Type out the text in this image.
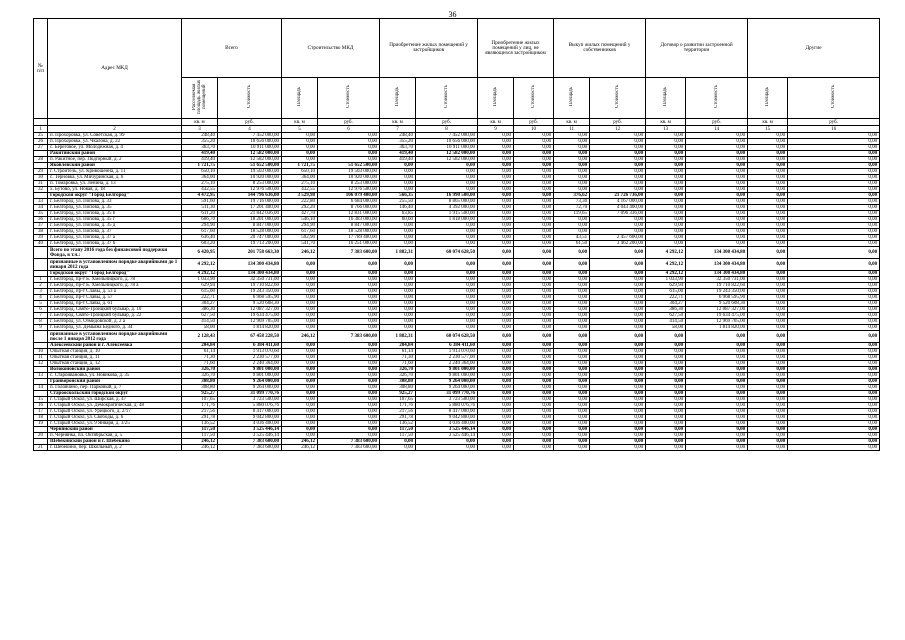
36
№ п/п	Адрес МКД	Всего		Строительство МКД		Приобретение жилых помещений у застройщиков		Приобретение жилых помещений у лиц, не являющихся застройщиком		Выкуп жилых помещений у собственников		Договор о развитии застроенной территории		Другие	
		Расселяемая площадь жилых помещений	Стоимость	Площадь	Стоимость	Площадь	Стоимость	Площадь	Стоимость	Площадь	Стоимость	Площадь	Стоимость	Площадь	Стоимость
		кв. м	руб.	кв. м	руб.	кв. м	руб.	кв. м	руб.	кв. м	руб.	кв. м	руб.	кв. м	руб.
1	2	3	4	5	6	7	8	9	10	11	12	13	14	15	16
25	п. Прохоровка, ул. Советская, д. 99	248,40	7 452 000,00	0,00	0,00	248,40	7 452 000,00	0,00	0,00	0,00	0,00	0,00	0,00	0,00	0,00
26	п. Прохоровка, ул. Чкалова, д. 22	355,20	10 656 000,00	0,00	0,00	355,20	10 656 000,00	0,00	0,00	0,00	0,00	0,00	0,00	0,00	0,00
27	с. Береговое, ул. Молодежная, д. 4	363,70	10 911 000,00	0,00	0,00	363,70	10 911 000,00	0,00	0,00	0,00	0,00	0,00	0,00	0,00	0,00
	Ракитянский район	419,40	12 582 000,00	0,00	0,00	419,40	12 582 000,00	0,00	0,00	0,00	0,00	0,00	0,00	0,00	0,00
28	п. Ракитное, пер. Подгорный, д. 2	419,40	12 582 000,00	0,00	0,00	419,40	12 582 000,00	0,00	0,00	0,00	0,00	0,00	0,00	0,00	0,00
	Яковлевский район	1 721,75	51 652 500,00	1 721,75	51 652 500,00	0,00	0,00	0,00	0,00	0,00	0,00	0,00	0,00	0,00	0,00
29	г. Строитель, ул. Кривошеина, д. 11	650,10	19 503 000,00	650,10	19 503 000,00	0,00	0,00	0,00	0,00	0,00	0,00	0,00	0,00	0,00	0,00
30	с. Терновка, ул. Мичуринская, д. 6	364,00	10 920 000,00	364,00	10 920 000,00	0,00	0,00	0,00	0,00	0,00	0,00	0,00	0,00	0,00	0,00
31	п. Томаровка, ул. Ленина, д. 13	275,10	8 253 000,00	275,10	8 253 000,00	0,00	0,00	0,00	0,00	0,00	0,00	0,00	0,00	0,00	0,00
32	х. Бутово, ул. Новая, д. 18	432,55	12 976 500,00	432,55	12 976 500,00	0,00	0,00	0,00	0,00	0,00	0,00	0,00	0,00	0,00	0,00
	Городской округ "Город Белгород"	4 472,95	144 796 636,00	3 529,98	106 079 400,00	566,35	16 990 500,00	0,00	0,00	376,62	21 726 736,00	0,00	0,00	0,00	0,00
33	г. Белгород, ул. Попова, д. 33	591,60	19 716 000,00	222,80	6 684 000,00	255,50	8 865 000,00	0,00	0,00	73,30	4 167 000,00	0,00	0,00	0,00	0,00
34	г. Белгород, ул. Попова, д. 35	511,30	17 201 400,00	292,20	8 766 000,00	146,40	4 392 000,00	0,00	0,00	72,70	4 043 400,00	0,00	0,00	0,00	0,00
35	г. Белгород, ул. Попова, д. 35 б	611,20	21 842 036,00	427,70	12 831 000,00	63,85	1 915 500,00	0,00	0,00	119,65	7 096 336,00	0,00	0,00	0,00	0,00
36	г. Белгород, ул. Попова, д. 35 г	606,70	18 201 000,00	546,10	16 383 000,00	60,60	1 818 000,00	0,00	0,00	0,00	0,00	0,00	0,00	0,00	0,00
37	г. Белгород, ул. Попова, д. 35 д	294,90	8 847 000,00	294,90	8 847 000,00	0,00	0,00	0,00	0,00	0,00	0,00	0,00	0,00	0,00	0,00
38	г. Белгород, ул. Попова, д. 37	617,60	18 528 000,00	617,60	18 528 000,00	0,00	0,00	0,00	0,00	0,00	0,00	0,00	0,00	0,00	0,00
39	г. Белгород, ул. Попова, д. 37 а	636,40	20 747 000,00	592,90	17 789 400,00	0,00	0,00	0,00	0,00	43,51	2 457 600,00	0,00	0,00	0,00	0,00
40	г. Белгород, ул. Попова, д. 37 б	603,20	19 713 200,00	541,70	16 251 000,00	0,00	0,00	0,00	0,00	61,50	3 462 200,00	0,00	0,00	0,00	0,00
	Всего по этапу 2016 года без финансовой поддержки Фонда, в т.ч.:	6 420,95	201 758 663,30	246,12	7 383 600,00	1 882,31	60 074 628,50	0,00	0,00	0,00	0,00	4 292,12	134 300 434,80	0,00	0,00
	признанные в установленном порядке аварийными до 1 января 2012 года	4 292,12	134 300 434,80	0,00	0,00	0,00	0,00	0,00	0,00	0,00	0,00	4 292,12	134 300 434,80	0,00	0,00
	Городской округ "Город Белгород"	4 292,12	134 300 434,80	0,00	0,00	0,00	0,00	0,00	0,00	0,00	0,00	4 292,12	134 300 434,80	0,00	0,00
1	г. Белгород, пр-т Б. Хмельницкого, д. 78	1 033,90	32 350 731,00	0,00	0,00	0,00	0,00	0,00	0,00	0,00	0,00	1 033,90	32 350 731,00	0,00	0,00
2	г. Белгород, пр-т Б. Хмельницкого, д. 78 а	629,94	19 710 822,60	0,00	0,00	0,00	0,00	0,00	0,00	0,00	0,00	629,94	19 710 822,60	0,00	0,00
3	г. Белгород, пр-т Славы, д. 53 а	615,00	19 243 350,00	0,00	0,00	0,00	0,00	0,00	0,00	0,00	0,00	615,00	19 243 350,00	0,00	0,00
4	г. Белгород, пр-т Славы, д. 57	222,71	6 968 595,90	0,00	0,00	0,00	0,00	0,00	0,00	0,00	0,00	222,71	6 968 595,90	0,00	0,00
5	г. Белгород, пр-т Славы, д. 61	304,27	9 520 608,30	0,00	0,00	0,00	0,00	0,00	0,00	0,00	0,00	304,27	9 520 608,30	0,00	0,00
6	г. Белгород, Свято-Троицкий бульвар, д. 10	386,30	12 087 327,00	0,00	0,00	0,00	0,00	0,00	0,00	0,00	0,00	386,30	12 087 327,00	0,00	0,00
7	г. Белгород, Свято-Троицкий бульвар, д. 22	627,50	19 634 475,00	0,00	0,00	0,00	0,00	0,00	0,00	0,00	0,00	627,50	19 634 475,00	0,00	0,00
8	г. Белгород, ул. Озмидовской, д. 2 а	414,50	12 969 705,00	0,00	0,00	0,00	0,00	0,00	0,00	0,00	0,00	414,50	12 969 705,00	0,00	0,00
9	г. Белгород, ул. Демьяна Бедного, д. 34	58,00	1 814 820,00	0,00	0,00	0,00	0,00	0,00	0,00	0,00	0,00	58,00	1 814 820,00	0,00	0,00
	признанные в установленном порядке аварийными после 1 января 2012 года	2 128,43	67 458 228,50	246,12	7 383 600,00	1 882,31	60 074 628,50	0,00	0,00	0,00	0,00	0,00	0,00	0,00	0,00
	Алексеевский район и г. Алексеевка	204,84	6 384 411,60	0,00	0,00	204,84	6 384 411,60	0,00	0,00	0,00	0,00	0,00	0,00	0,00	0,00
10	Опытная станция, д. 10	61,14	1 913 070,60	0,00	0,00	61,14	1 913 070,60	0,00	0,00	0,00	0,00	0,00	0,00	0,00	0,00
11	Опытная станция, д. 11	71,30	2 230 577,00	0,00	0,00	71,30	2 230 577,00	0,00	0,00	0,00	0,00	0,00	0,00	0,00	0,00
12	Опытная станция, д. 12	71,60	2 240 364,00	0,00	0,00	71,60	2 240 364,00	0,00	0,00	0,00	0,00	0,00	0,00	0,00	0,00
	Волоконовский район	326,70	9 801 000,00	0,00	0,00	326,70	9 801 000,00	0,00	0,00	0,00	0,00	0,00	0,00	0,00	0,00
13	с. Староивановка, ул. Новикова, д. 35	326,70	9 801 000,00	0,00	0,00	326,70	9 801 000,00	0,00	0,00	0,00	0,00	0,00	0,00	0,00	0,00
	Грайворонский район	308,80	9 264 000,00	0,00	0,00	308,80	9 264 000,00	0,00	0,00	0,00	0,00	0,00	0,00	0,00	0,00
14	п. Головчино, пер. Парковый, д. 7	308,80	9 264 000,00	0,00	0,00	308,80	9 264 000,00	0,00	0,00	0,00	0,00	0,00	0,00	0,00	0,00
	Старооскольский городской округ	925,27	31 099 770,76	0,00	0,00	925,27	31 099 770,76	0,00	0,00	0,00	0,00	0,00	0,00	0,00	0,00
15	г. Старый Оскол, ул. Ширская, д. 47	107,65	3 723 500,00	0,00	0,00	107,65	3 723 500,00	0,00	0,00	0,00	0,00	0,00	0,00	0,00	0,00
16	г. Старый Оскол, ул. Демократическая, д. 48	171,76	5 880 076,76	0,00	0,00	171,76	5 880 076,76	0,00	0,00	0,00	0,00	0,00	0,00	0,00	0,00
17	г. Старый Оскол, ул. Урицкого, д. 2/17	217,56	8 417 000,00	0,00	0,00	217,56	8 417 000,00	0,00	0,00	0,00	0,00	0,00	0,00	0,00	0,00
18	г. Старый Оскол, ул. Свободы, д. 6	291,78	9 042 800,00	0,00	0,00	291,78	9 042 800,00	0,00	0,00	0,00	0,00	0,00	0,00	0,00	0,00
19	г. Старый Оскол, ул. 9 Января, д. 3/25	136,52	4 036 400,00	0,00	0,00	136,52	4 036 400,00	0,00	0,00	0,00	0,00	0,00	0,00	0,00	0,00
	Чернянский район	117,50	3 525 446,14	0,00	0,00	117,50	3 525 446,14	0,00	0,00	0,00	0,00	0,00	0,00	0,00	0,00
20	п. Чернянка, пл. Октябрьская, д. 5	117,50	3 525 446,14	0,00	0,00	117,50	3 525 446,14	0,00	0,00	0,00	0,00	0,00	0,00	0,00	0,00
	Шебекинский район и г. Шебекино	246,12	7 383 600,00	246,12	7 383 600,00	0,00	0,00	0,00	0,00	0,00	0,00	0,00	0,00	0,00	0,00
21	г. Шебекино, пер. Школьный, д. 2	246,12	7 383 600,00	246,12	7 383 600,00	0,00	0,00	0,00	0,00	0,00	0,00	0,00	0,00	0,00	0,00
